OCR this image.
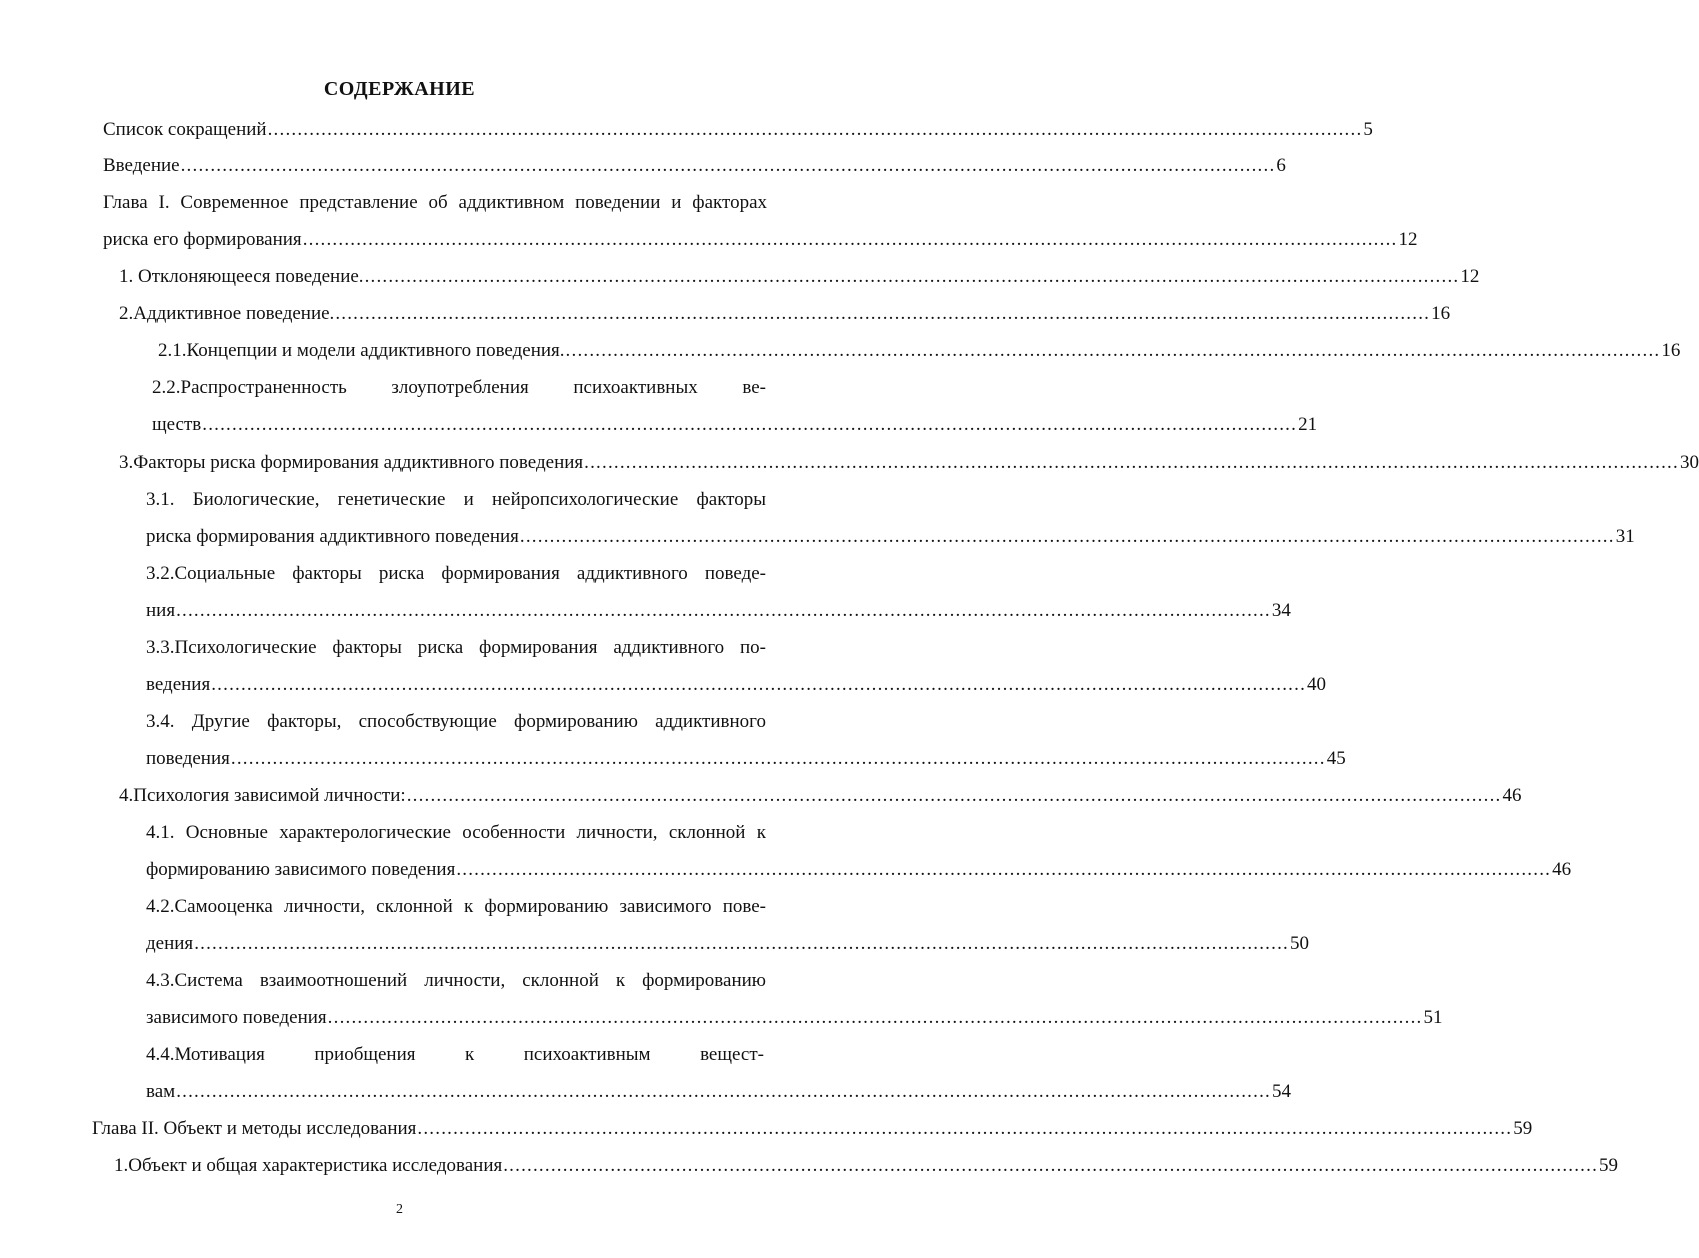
СОДЕРЖАНИЕ
Список сокращений ........................................................................................................................................................................................ 5
Введение ........................................................................................................................................................................................ 6
Глава I. Современное представление об аддиктивном поведении и факторах
риска его формирования ........................................................................................................................................................................................ 12
1. Отклоняющееся поведение. ........................................................................................................................................................................................ 12
2.Аддиктивное поведение. ........................................................................................................................................................................................ 16
2.1.Концепции и модели аддиктивного поведения. ........................................................................................................................................................................................ 16
2.2.Распространенность злоупотребления психоактивных ве-
ществ ........................................................................................................................................................................................ 21
3.Факторы риска формирования аддиктивного поведения ........................................................................................................................................................................................ 30
3.1. Биологические, генетические и нейропсихологические факторы
риска формирования аддиктивного поведения ........................................................................................................................................................................................ 31
3.2.Социальные факторы риска формирования аддиктивного поведе-
ния ........................................................................................................................................................................................ 34
3.3.Психологические факторы риска формирования аддиктивного по-
ведения ........................................................................................................................................................................................ 40
3.4. Другие факторы, способствующие формированию аддиктивного
поведения ........................................................................................................................................................................................ 45
4.Психология зависимой личности: ........................................................................................................................................................................................ 46
4.1. Основные характерологические особенности личности, склонной к
формированию зависимого поведения ........................................................................................................................................................................................ 46
4.2.Самооценка личности, склонной к формированию зависимого пове-
дения ........................................................................................................................................................................................ 50
4.3.Система взаимоотношений личности, склонной к формированию
зависимого поведения ........................................................................................................................................................................................ 51
4.4.Мотивация	приобщения	к	психоактивным	вещест-
вам ........................................................................................................................................................................................ 54
Глава II. Объект и методы исследования ........................................................................................................................................................................................ 59
1.Объект и общая характеристика исследования ........................................................................................................................................................................................ 59
2
